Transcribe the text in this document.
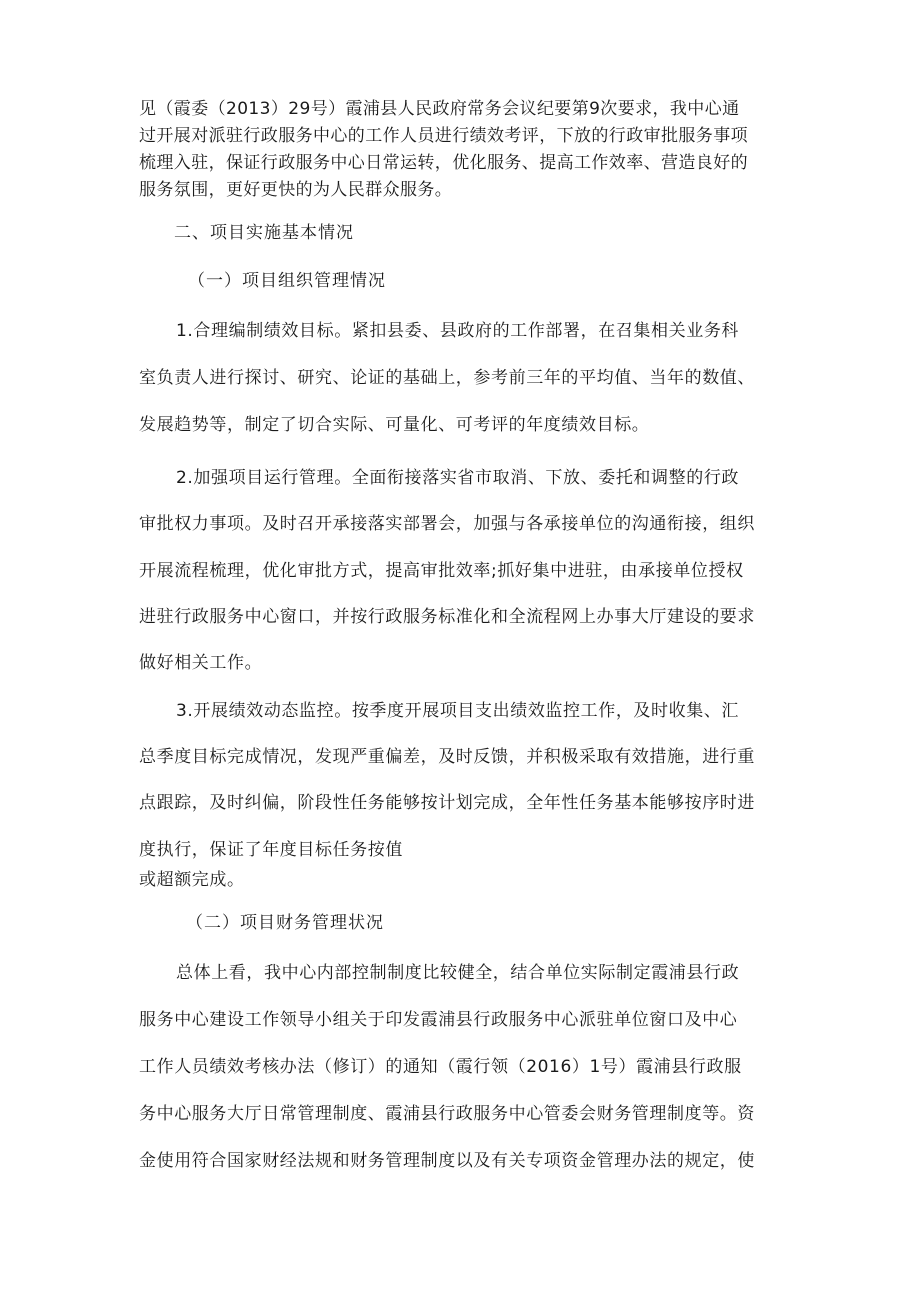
见（霞委（2013）29号）霞浦县人民政府常务会议纪要第9次要求，我中心通
过开展对派驻行政服务中心的工作人员进行绩效考评，下放的行政审批服务事项
梳理入驻，保证行政服务中心日常运转，优化服务、提高工作效率、营造良好的
服务氛围，更好更快的为人民群众服务。
二、项目实施基本情况
（一）项目组织管理情况
1.合理编制绩效目标。紧扣县委、县政府的工作部署，在召集相关业务科
室负责人进行探讨、研究、论证的基础上，参考前三年的平均值、当年的数值、
发展趋势等，制定了切合实际、可量化、可考评的年度绩效目标。
2.加强项目运行管理。全面衔接落实省市取消、下放、委托和调整的行政
审批权力事项。及时召开承接落实部署会，加强与各承接单位的沟通衔接，组织
开展流程梳理，优化审批方式，提高审批效率;抓好集中进驻，由承接单位授权
进驻行政服务中心窗口，并按行政服务标准化和全流程网上办事大厅建设的要求
做好相关工作。
3.开展绩效动态监控。按季度开展项目支出绩效监控工作，及时收集、汇
总季度目标完成情况，发现严重偏差，及时反馈，并积极采取有效措施，进行重
点跟踪，及时纠偏，阶段性任务能够按计划完成，全年性任务基本能够按序时进
度执行，保证了年度目标任务按值
或超额完成。
（二）项目财务管理状况
总体上看，我中心内部控制制度比较健全，结合单位实际制定霞浦县行政
服务中心建设工作领导小组关于印发霞浦县行政服务中心派驻单位窗口及中心
工作人员绩效考核办法（修订）的通知（霞行领（2016）1号）霞浦县行政服
务中心服务大厅日常管理制度、霞浦县行政服务中心管委会财务管理制度等。资
金使用符合国家财经法规和财务管理制度以及有关专项资金管理办法的规定，使
